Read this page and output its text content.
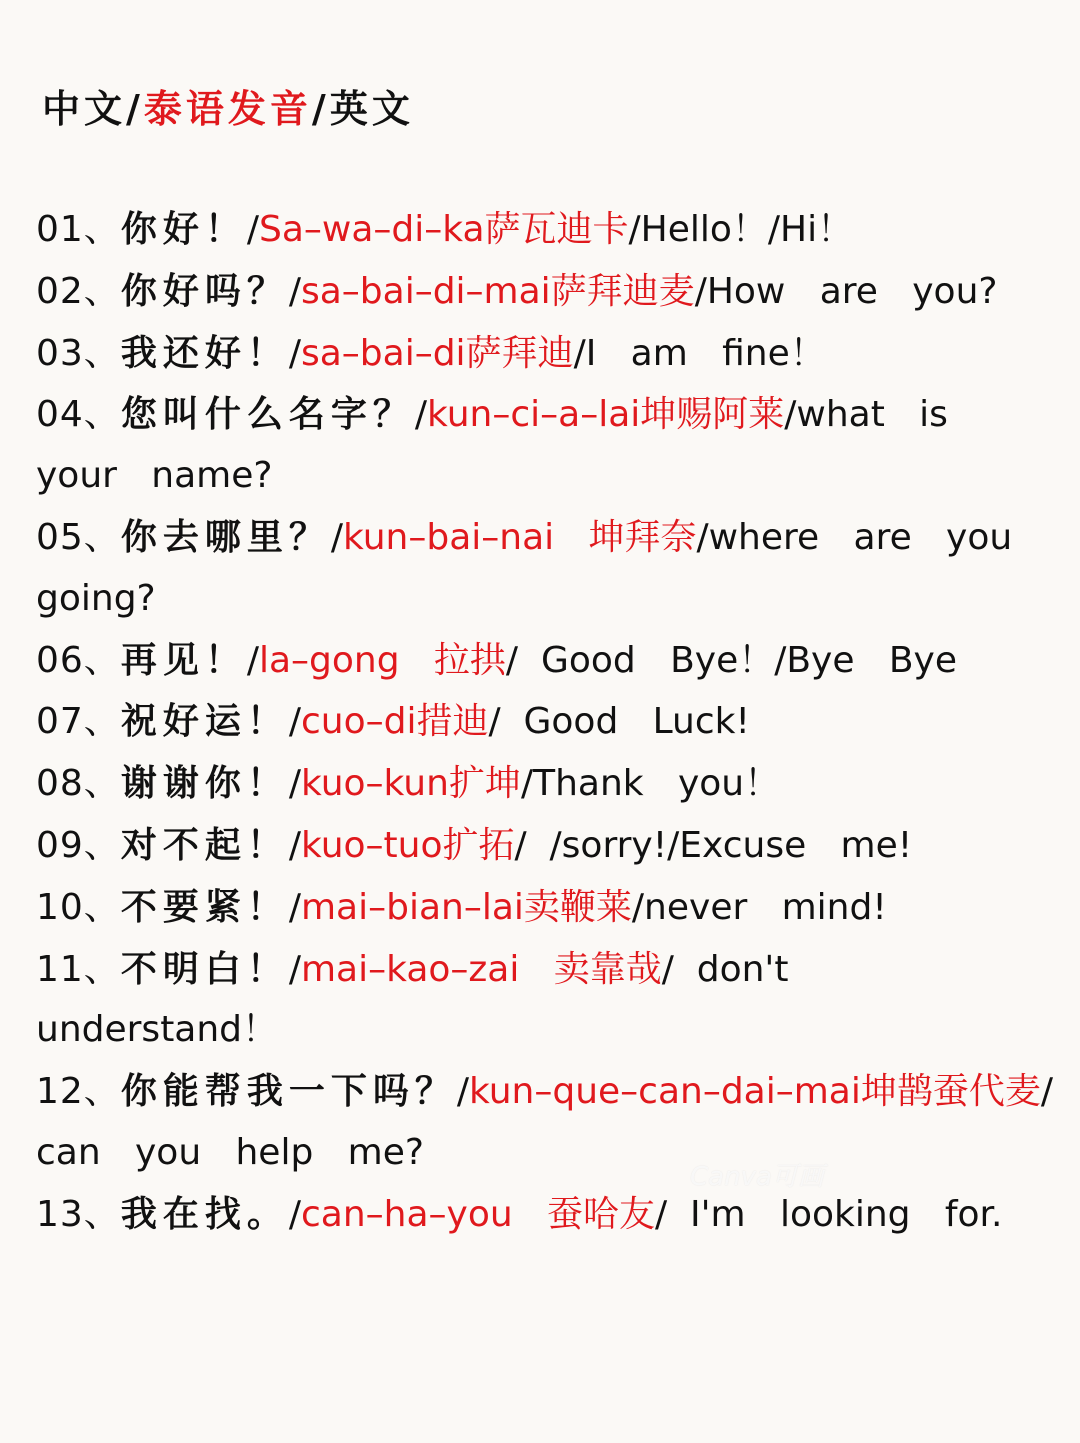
中文/泰语发音/英文
01、你好！/Sa–wa–di–ka萨瓦迪卡/Hello！/Hi！
02、你好吗？/sa–bai–di–mai萨拜迪麦/How   are   you?
03、我还好！/sa–bai–di萨拜迪/I   am   fine！
04、您叫什么名字？/kun–ci–a–lai坤赐阿莱/what   is   your   name?
05、你去哪里？/kun–bai–nai   坤拜奈/where   are   you   going?
06、再见！/la–gong   拉拱/  Good   Bye！/Bye   Bye
07、祝好运！/cuo–di措迪/  Good   Luck!
08、谢谢你！/kuo–kun扩坤/Thank   you！
09、对不起！/kuo–tuo扩拓/  /sorry!/Excuse   me!
10、不要紧！/mai–bian–lai卖鞭莱/never   mind!
11、不明白！/mai–kao–zai   卖靠哉/  don't   understand！
12、你能帮我一下吗？/kun–que–can–dai–mai坤鹊蚕代麦/  can   you   help   me?
13、我在找。/can–ha–you   蚕哈友/  I'm   looking   for.
Canva可画
